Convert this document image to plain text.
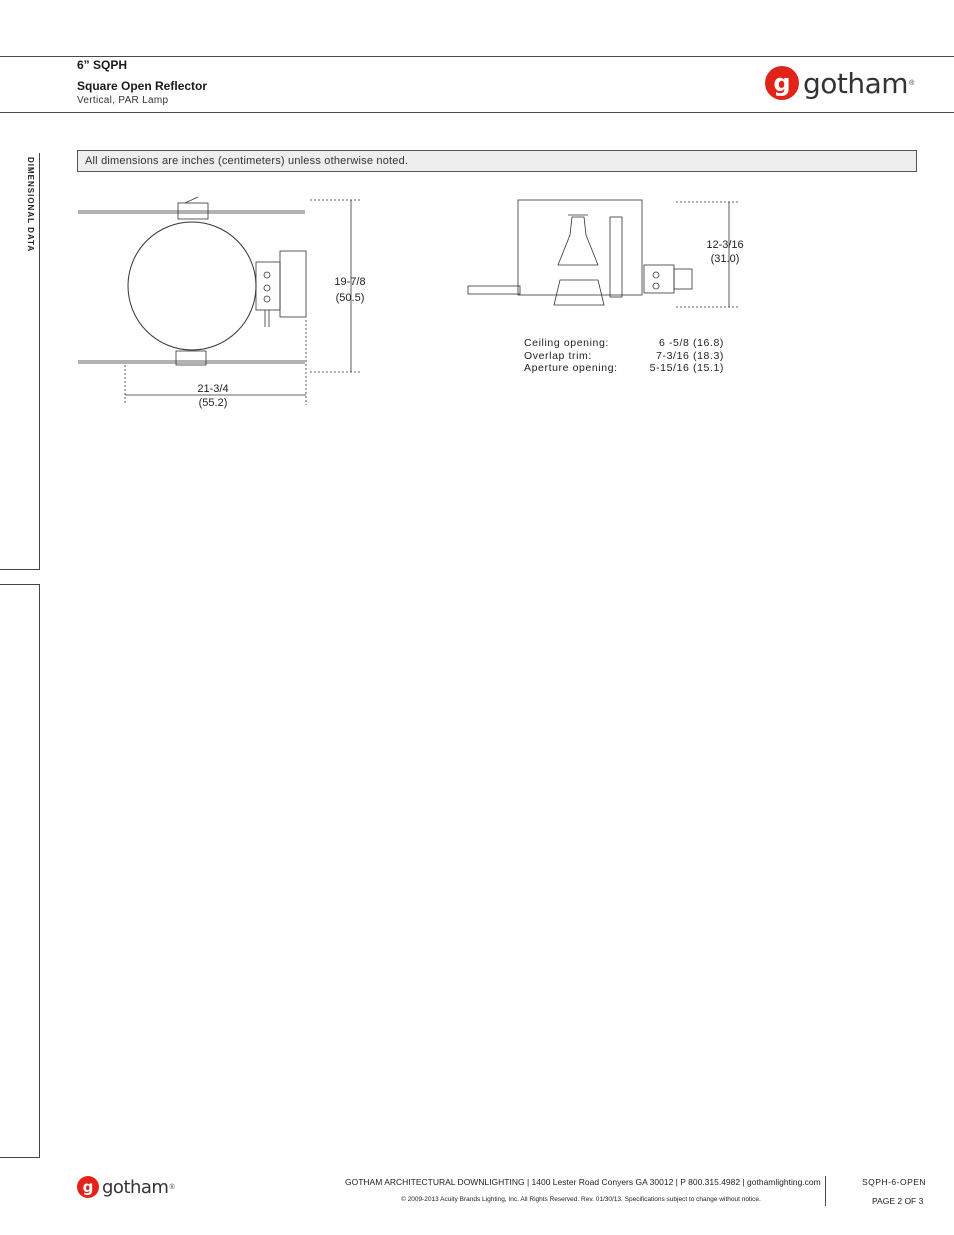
6” SQPH
Square Open Reflector
Vertical, PAR Lamp
g gotham ®
DIMENSIONAL DATA	All dimensions are inches (centimeters) unless otherwise noted.
19-7/8
(50.5)
21-3/4
(55.2)
12-3/16
(31.0)
Ceiling opening:	6 -5/8 (16.8)
Overlap trim:	7-3/16 (18.3)
Aperture opening:	5-15/16 (15.1)
g gotham ®	GOTHAM ARCHITECTURAL DOWNLIGHTING | 1400 Lester Road Conyers GA 30012 | P 800.315.4982 | gothamlighting.com
© 2009-2013 Acuity Brands Lighting, Inc. All Rights Reserved. Rev. 01/30/13. Specifications subject to change without notice.
SQPH-6-OPEN
PAGE 2 OF 3
